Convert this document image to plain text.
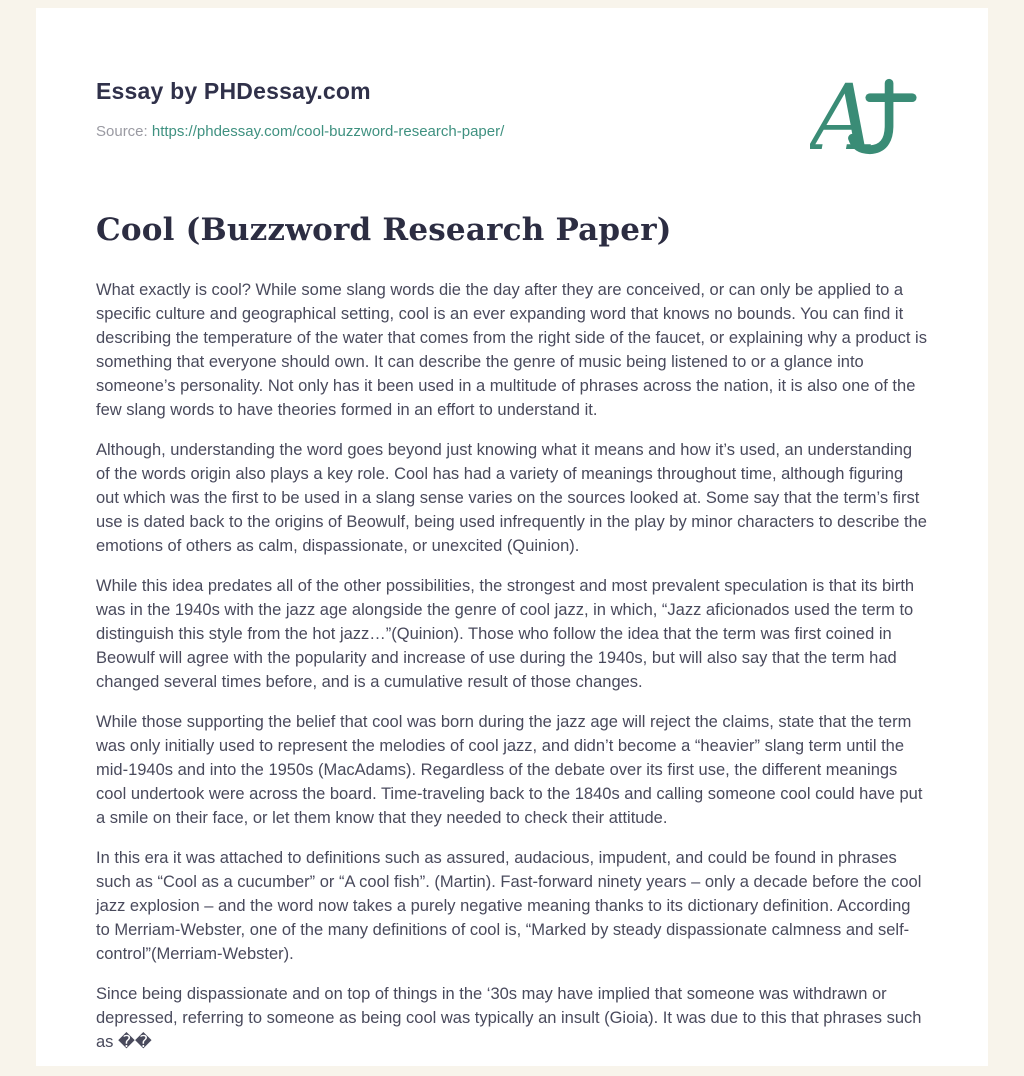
Essay by PHDessay.com
Source: https://phdessay.com/cool-buzzword-research-paper/	A
Cool (Buzzword Research Paper)

What exactly is cool? While some slang words die the day after they are conceived, or can only be applied to a specific culture and geographical setting, cool is an ever expanding word that knows no bounds. You can find it describing the temperature of the water that comes from the right side of the faucet, or explaining why a product is something that everyone should own. It can describe the genre of music being listened to or a glance into someone’s personality. Not only has it been used in a multitude of phrases across the nation, it is also one of the few slang words to have theories formed in an effort to understand it.

Although, understanding the word goes beyond just knowing what it means and how it’s used, an understanding of the words origin also plays a key role. Cool has had a variety of meanings throughout time, although figuring out which was the first to be used in a slang sense varies on the sources looked at. Some say that the term’s first use is dated back to the origins of Beowulf, being used infrequently in the play by minor characters to describe the emotions of others as calm, dispassionate, or unexcited (Quinion).

While this idea predates all of the other possibilities, the strongest and most prevalent speculation is that its birth was in the 1940s with the jazz age alongside the genre of cool jazz, in which, “Jazz aficionados used the term to distinguish this style from the hot jazz…”(Quinion). Those who follow the idea that the term was first coined in Beowulf will agree with the popularity and increase of use during the 1940s, but will also say that the term had changed several times before, and is a cumulative result of those changes.

While those supporting the belief that cool was born during the jazz age will reject the claims, state that the term was only initially used to represent the melodies of cool jazz, and didn’t become a “heavier” slang term until the mid-1940s and into the 1950s (MacAdams). Regardless of the debate over its first use, the different meanings cool undertook were across the board. Time-traveling back to the 1840s and calling someone cool could have put a smile on their face, or let them know that they needed to check their attitude.

In this era it was attached to definitions such as assured, audacious, impudent, and could be found in phrases such as “Cool as a cucumber” or “A cool fish”. (Martin). Fast-forward ninety years – only a decade before the cool jazz explosion – and the word now takes a purely negative meaning thanks to its dictionary definition. According to Merriam-Webster, one of the many definitions of cool is, “Marked by steady dispassionate calmness and self-control”(Merriam-Webster).

Since being dispassionate and on top of things in the ‘30s may have implied that someone was withdrawn or depressed, referring to someone as being cool was typically an insult (Gioia). It was due to this that phrases such as ��
